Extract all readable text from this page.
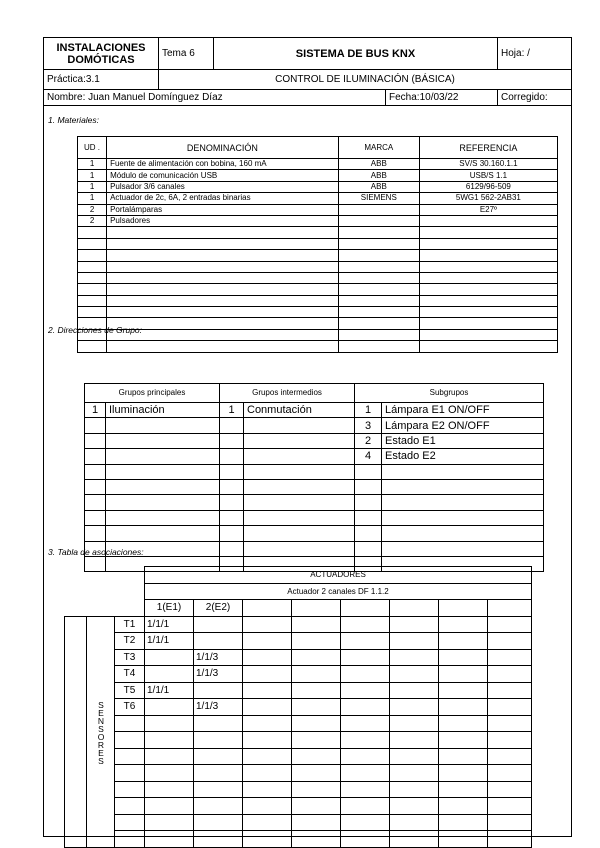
INSTALACIONES
DOMÓTICAS	Tema 6	SISTEMA DE BUS KNX		Hoja: /
Práctica:3.1	CONTROL DE ILUMINACIÓN (BÁSICA)			
Nombre: Juan Manuel Domínguez Díaz			Fecha:10/03/22	Corregido:
1. Materiales:
UD .	DENOMINACIÓN	MARCA	REFERENCIA
1	Fuente de alimentación con bobina, 160 mA	ABB	SV/S 30.160.1.1
1	Módulo de comunicación USB	ABB	USB/S 1.1
1	Pulsador 3/6 canales	ABB	6129/96-509
1	Actuador de 2c, 6A, 2 entradas binarias	SIEMENS	5WG1 562-2AB31
2	Portalámparas		E27º
2	Pulsadores		

2. Direcciones de Grupo:
Grupos principales		Grupos intermedios		Subgrupos	
1	Iluminación	1	Conmutación	1	Lámpara E1 ON/OFF
				3	Lámpara E2 ON/OFF
				2	Estado E1
				4	Estado E2

3. Tabla de asociaciones:
			ACTUADORES							
			Actuador 2 canales DF 1.1.2							
			1(E1)	2(E2)						
	SENSORES	T1	1/1/1							
		T2	1/1/1							
		T3		1/1/3						
		T4		1/1/3						
		T5	1/1/1							
		T6		1/1/3						
